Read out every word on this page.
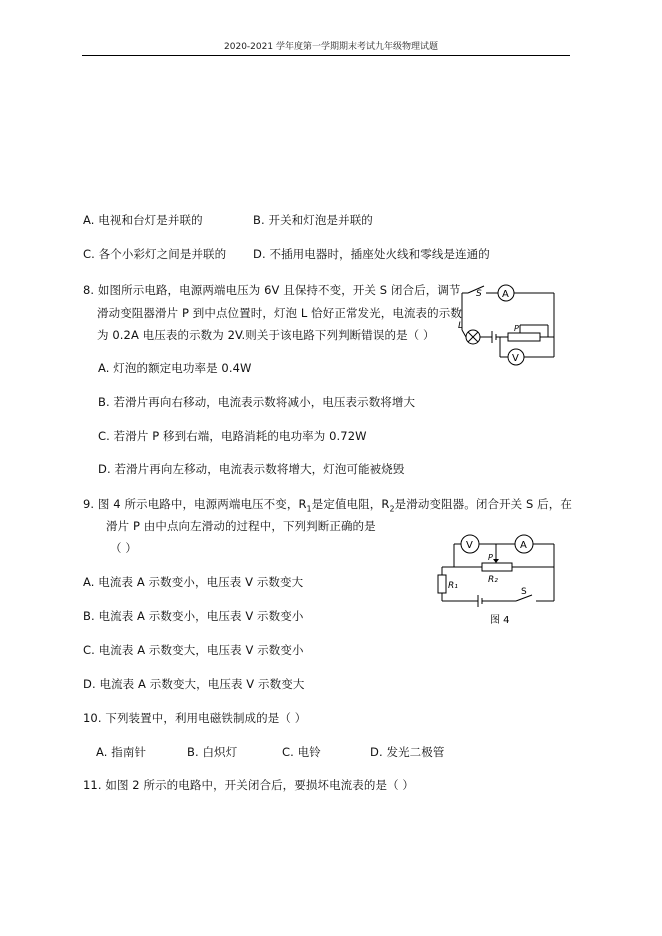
2020-2021 学年度第一学期期末考试九年级物理试题
A. 电视和台灯是并联的	B. 开关和灯泡是并联的
C. 各个小彩灯之间是并联的 D. 不插用电器时，插座处火线和零线是连通的
8. 如图所示电路，电源两端电压为 6V 且保持不变，开关 S 闭合后，调节
滑动变阻器滑片 P 到中点位置时，灯泡 L 恰好正常发光，电流表的示数
为 0.2A 电压表的示数为 2V.则关于该电路下列判断错误的是（ ）
A. 灯泡的额定电功率是 0.4W
B. 若滑片再向右移动，电流表示数将减小，电压表示数将增大
C. 若滑片 P 移到右端，电路消耗的电功率为 0.72W
D. 若滑片再向左移动，电流表示数将增大，灯泡可能被烧毁
S A
L	P
V
9. 图 4 所示电路中，电源两端电压不变，$R_1$是定值电阻，$R_2$是滑动变阻器。闭合开关 S 后，在
滑片 P 由中点向左滑动的过程中，下列判断正确的是
（ ）
A. 电流表 A 示数变小，电压表 V 示数变大
B. 电流表 A 示数变小，电压表 V 示数变小
C. 电流表 A 示数变大，电压表 V 示数变小
D. 电流表 A 示数变大，电压表 V 示数变大
V	A
P
R₂
R₁
S
图 4
10. 下列装置中，利用电磁铁制成的是（ ）
A. 指南针	B. 白炽灯	C. 电铃	D. 发光二极管
11. 如图 2 所示的电路中，开关闭合后，要损坏电流表的是（ ）
